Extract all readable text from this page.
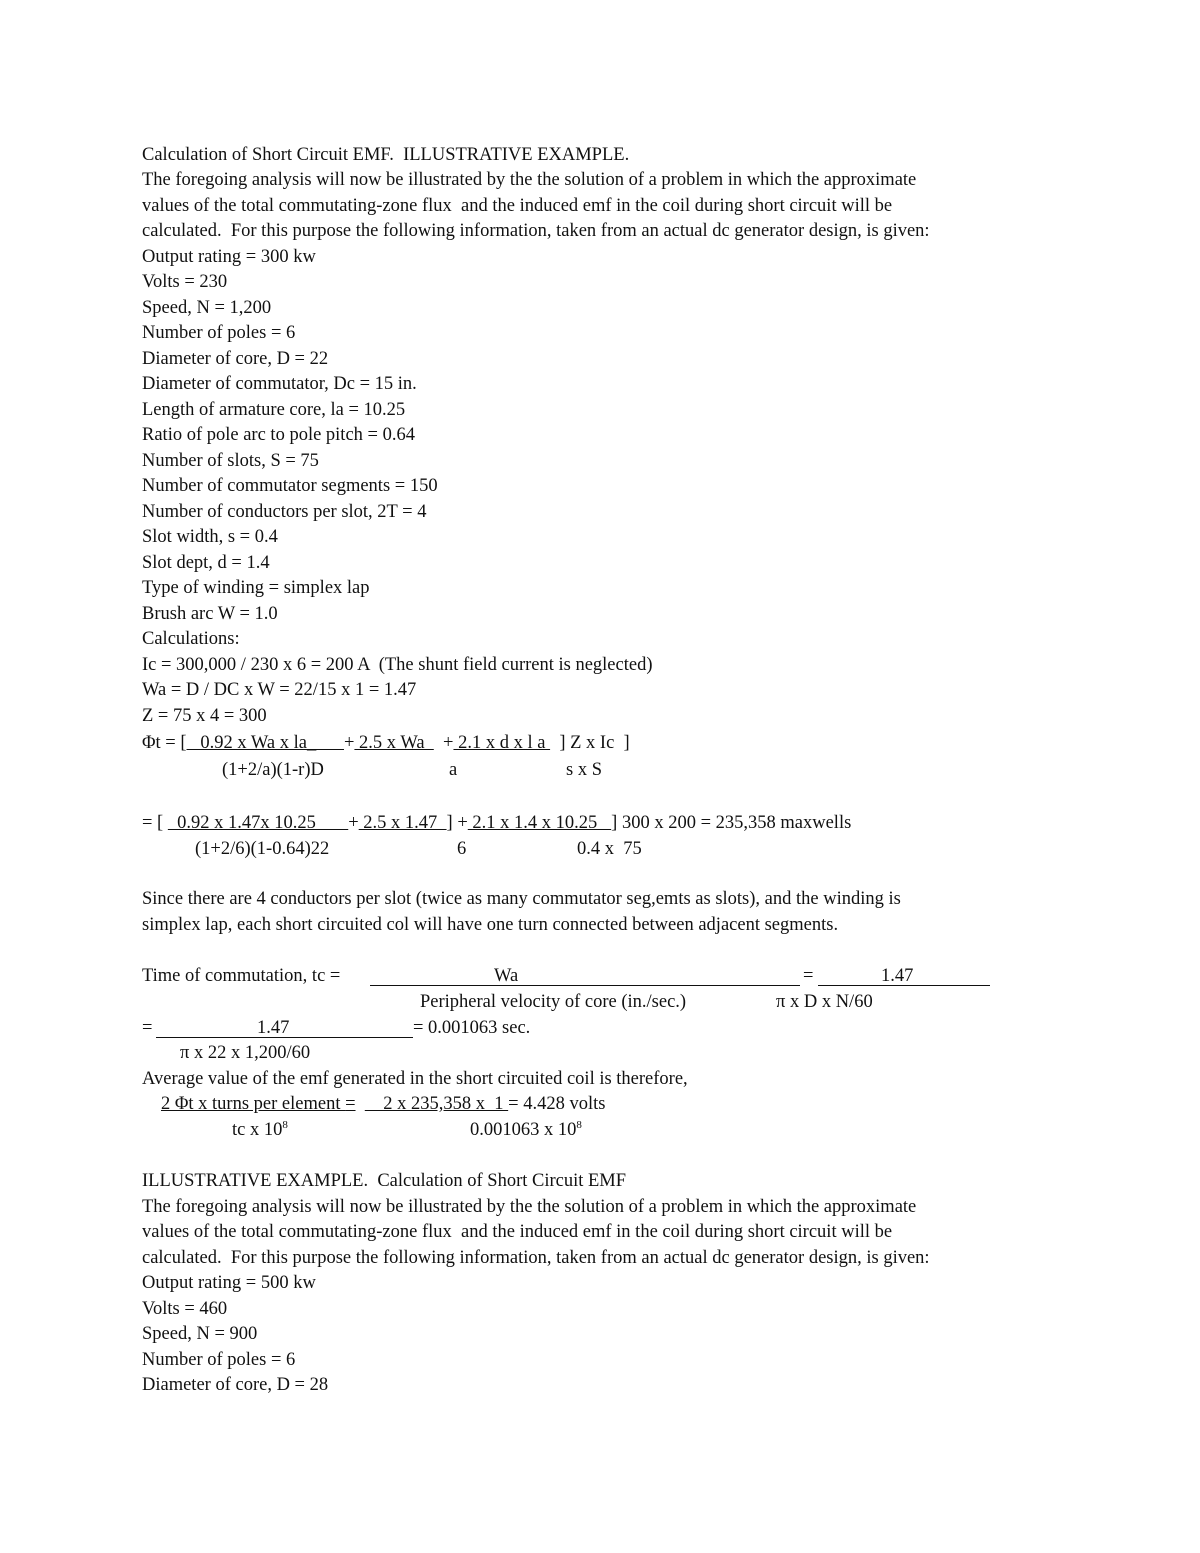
Calculation of Short Circuit EMF.  ILLUSTRATIVE EXAMPLE.
The foregoing analysis will now be illustrated by the the solution of a problem in which the approximate
values of the total commutating-zone flux  and the induced emf in the coil during short circuit will be
calculated.  For this purpose the following information, taken from an actual dc generator design, is given:
Output rating = 300 kw
Volts = 230
Speed, N = 1,200
Number of poles = 6
Diameter of core, D = 22
Diameter of commutator, Dc = 15 in.
Length of armature core, la = 10.25
Ratio of pole arc to pole pitch = 0.64
Number of slots, S = 75
Number of commutator segments = 150
Number of conductors per slot, 2T = 4
Slot width, s = 0.4
Slot dept, d = 1.4
Type of winding = simplex lap
Brush arc W = 1.0
Calculations:
Ic = 300,000 / 230 x 6 = 200 A  (The shunt field current is neglected)
Wa = D / DC x W = 22/15 x 1 = 1.47
Z = 75 x 4 = 300
Φt = [   0.92 x Wa x la_      + 2.5 x Wa    + 2.1 x d x l a   ] Z x Ic  ]
(1+2/a)(1-r)D	a	s x S
= [   0.92 x 1.47x 10.25       + 2.5 x 1.47  ] + 2.1 x 1.4 x 10.25   ] 300 x 200 = 235,358 maxwells
(1+2/6)(1-0.64)22	6	0.4 x  75
Since there are 4 conductors per slot (twice as many commutator seg,emts as slots), and the winding is
simplex lap, each short circuited col will have one turn connected between adjacent segments.
Time of commutation, tc =	Wa	=	1.47
Peripheral velocity of core (in./sec.)	π x D x N/60
=	1.47	= 0.001063 sec.
π x 22 x 1,200/60
Average value of the emf generated in the short circuited coil is therefore,
2 Φt x turns per element =      2 x 235,358 x  1 = 4.428 volts
tc x $10^8$	0.001063 x $10^8$
ILLUSTRATIVE EXAMPLE.  Calculation of Short Circuit EMF
The foregoing analysis will now be illustrated by the the solution of a problem in which the approximate
values of the total commutating-zone flux  and the induced emf in the coil during short circuit will be
calculated.  For this purpose the following information, taken from an actual dc generator design, is given:
Output rating = 500 kw
Volts = 460
Speed, N = 900
Number of poles = 6
Diameter of core, D = 28
